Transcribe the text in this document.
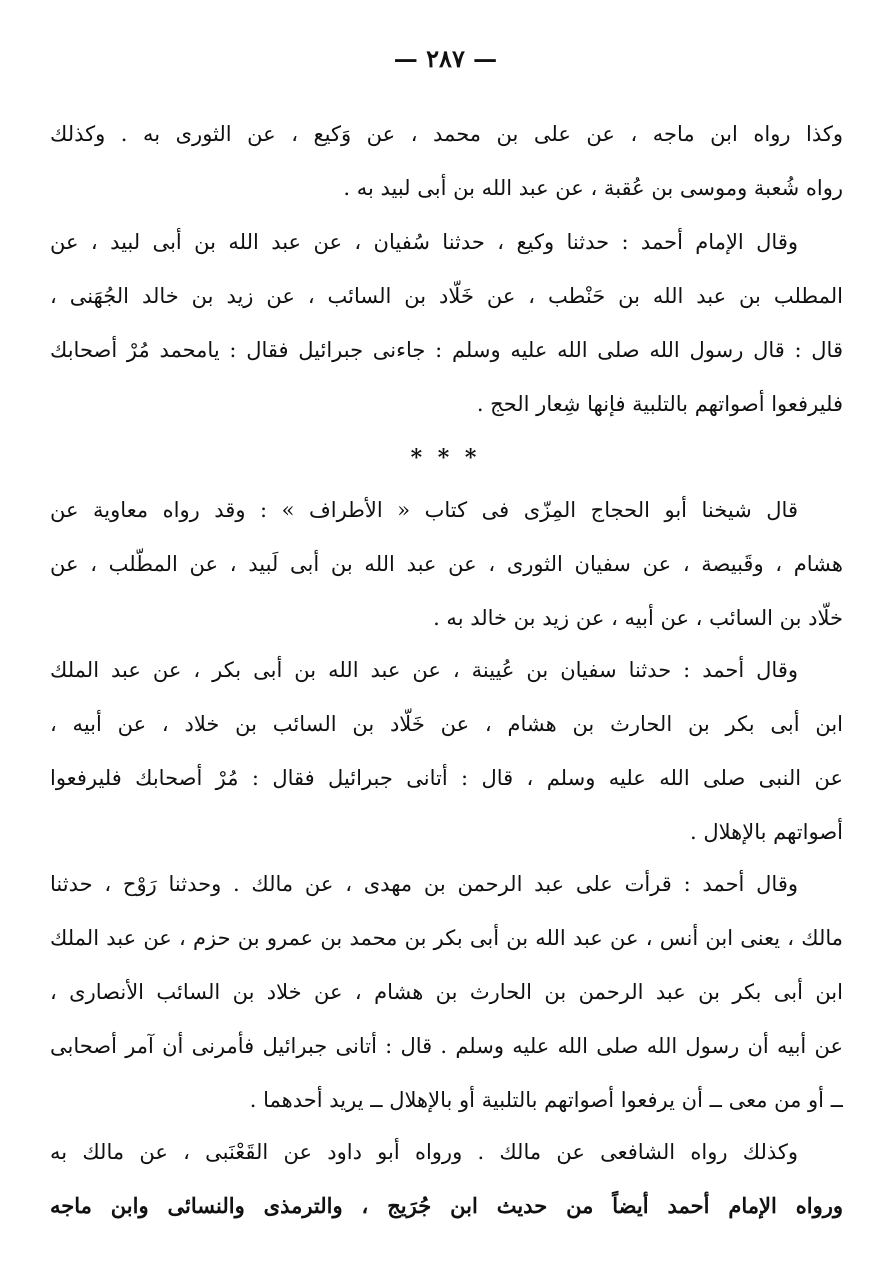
— ٢٨٧ —
وكذا رواه ابن ماجه ، عن على بن محمد ، عن وَكيع ، عن الثورى به . وكذلك
رواه شُعبة وموسى بن عُقبة ، عن عبد الله بن أبى لبيد به .
وقال الإمام أحمد : حدثنا وكيع ، حدثنا سُفيان ، عن عبد الله بن أبى لبيد ، عن
المطلب بن عبد الله بن حَنْطب ، عن خَلّاد بن السائب ، عن زيد بن خالد الجُهَنى ،
قال : قال رسول الله صلى الله عليه وسلم : جاءنى جبرائيل فقال : يامحمد مُرْ أصحابك
فليرفعوا أصواتهم بالتلبية فإنها شِعار الحج .
* * *
قال شيخنا أبو الحجاج المِزّى فى كتاب « الأطراف » : وقد رواه معاوية عن
هشام ، وقَبيصة ، عن سفيان الثورى ، عن عبد الله بن أبى لَبيد ، عن المطّلب ، عن
خلّاد بن السائب ، عن أبيه ، عن زيد بن خالد به .
وقال أحمد : حدثنا سفيان بن عُيينة ، عن عبد الله بن أبى بكر ، عن عبد الملك
ابن أبى بكر بن الحارث بن هشام ، عن خَلّاد بن السائب بن خلاد ، عن أبيه ،
عن النبى صلى الله عليه وسلم ، قال : أتانى جبرائيل فقال : مُرْ أصحابك فليرفعوا
أصواتهم بالإهلال .
وقال أحمد : قرأت على عبد الرحمن بن مهدى ، عن مالك . وحدثنا رَوْح ، حدثنا
مالك ، يعنى ابن أنس ، عن عبد الله بن أبى بكر بن محمد بن عمرو بن حزم ، عن عبد الملك
ابن أبى بكر بن عبد الرحمن بن الحارث بن هشام ، عن خلاد بن السائب الأنصارى ،
عن أبيه أن رسول الله صلى الله عليه وسلم . قال : أتانى جبرائيل فأمرنى أن آمر أصحابى
ــ أو من معى ــ أن يرفعوا أصواتهم بالتلبية أو بالإهلال ــ يريد أحدهما .
وكذلك رواه الشافعى عن مالك . ورواه أبو داود عن القَعْنَبى ، عن مالك به
ورواه الإمام أحمد أيضاً من حديث ابن جُرَيج ، والترمذى والنسائى وابن ماجه
